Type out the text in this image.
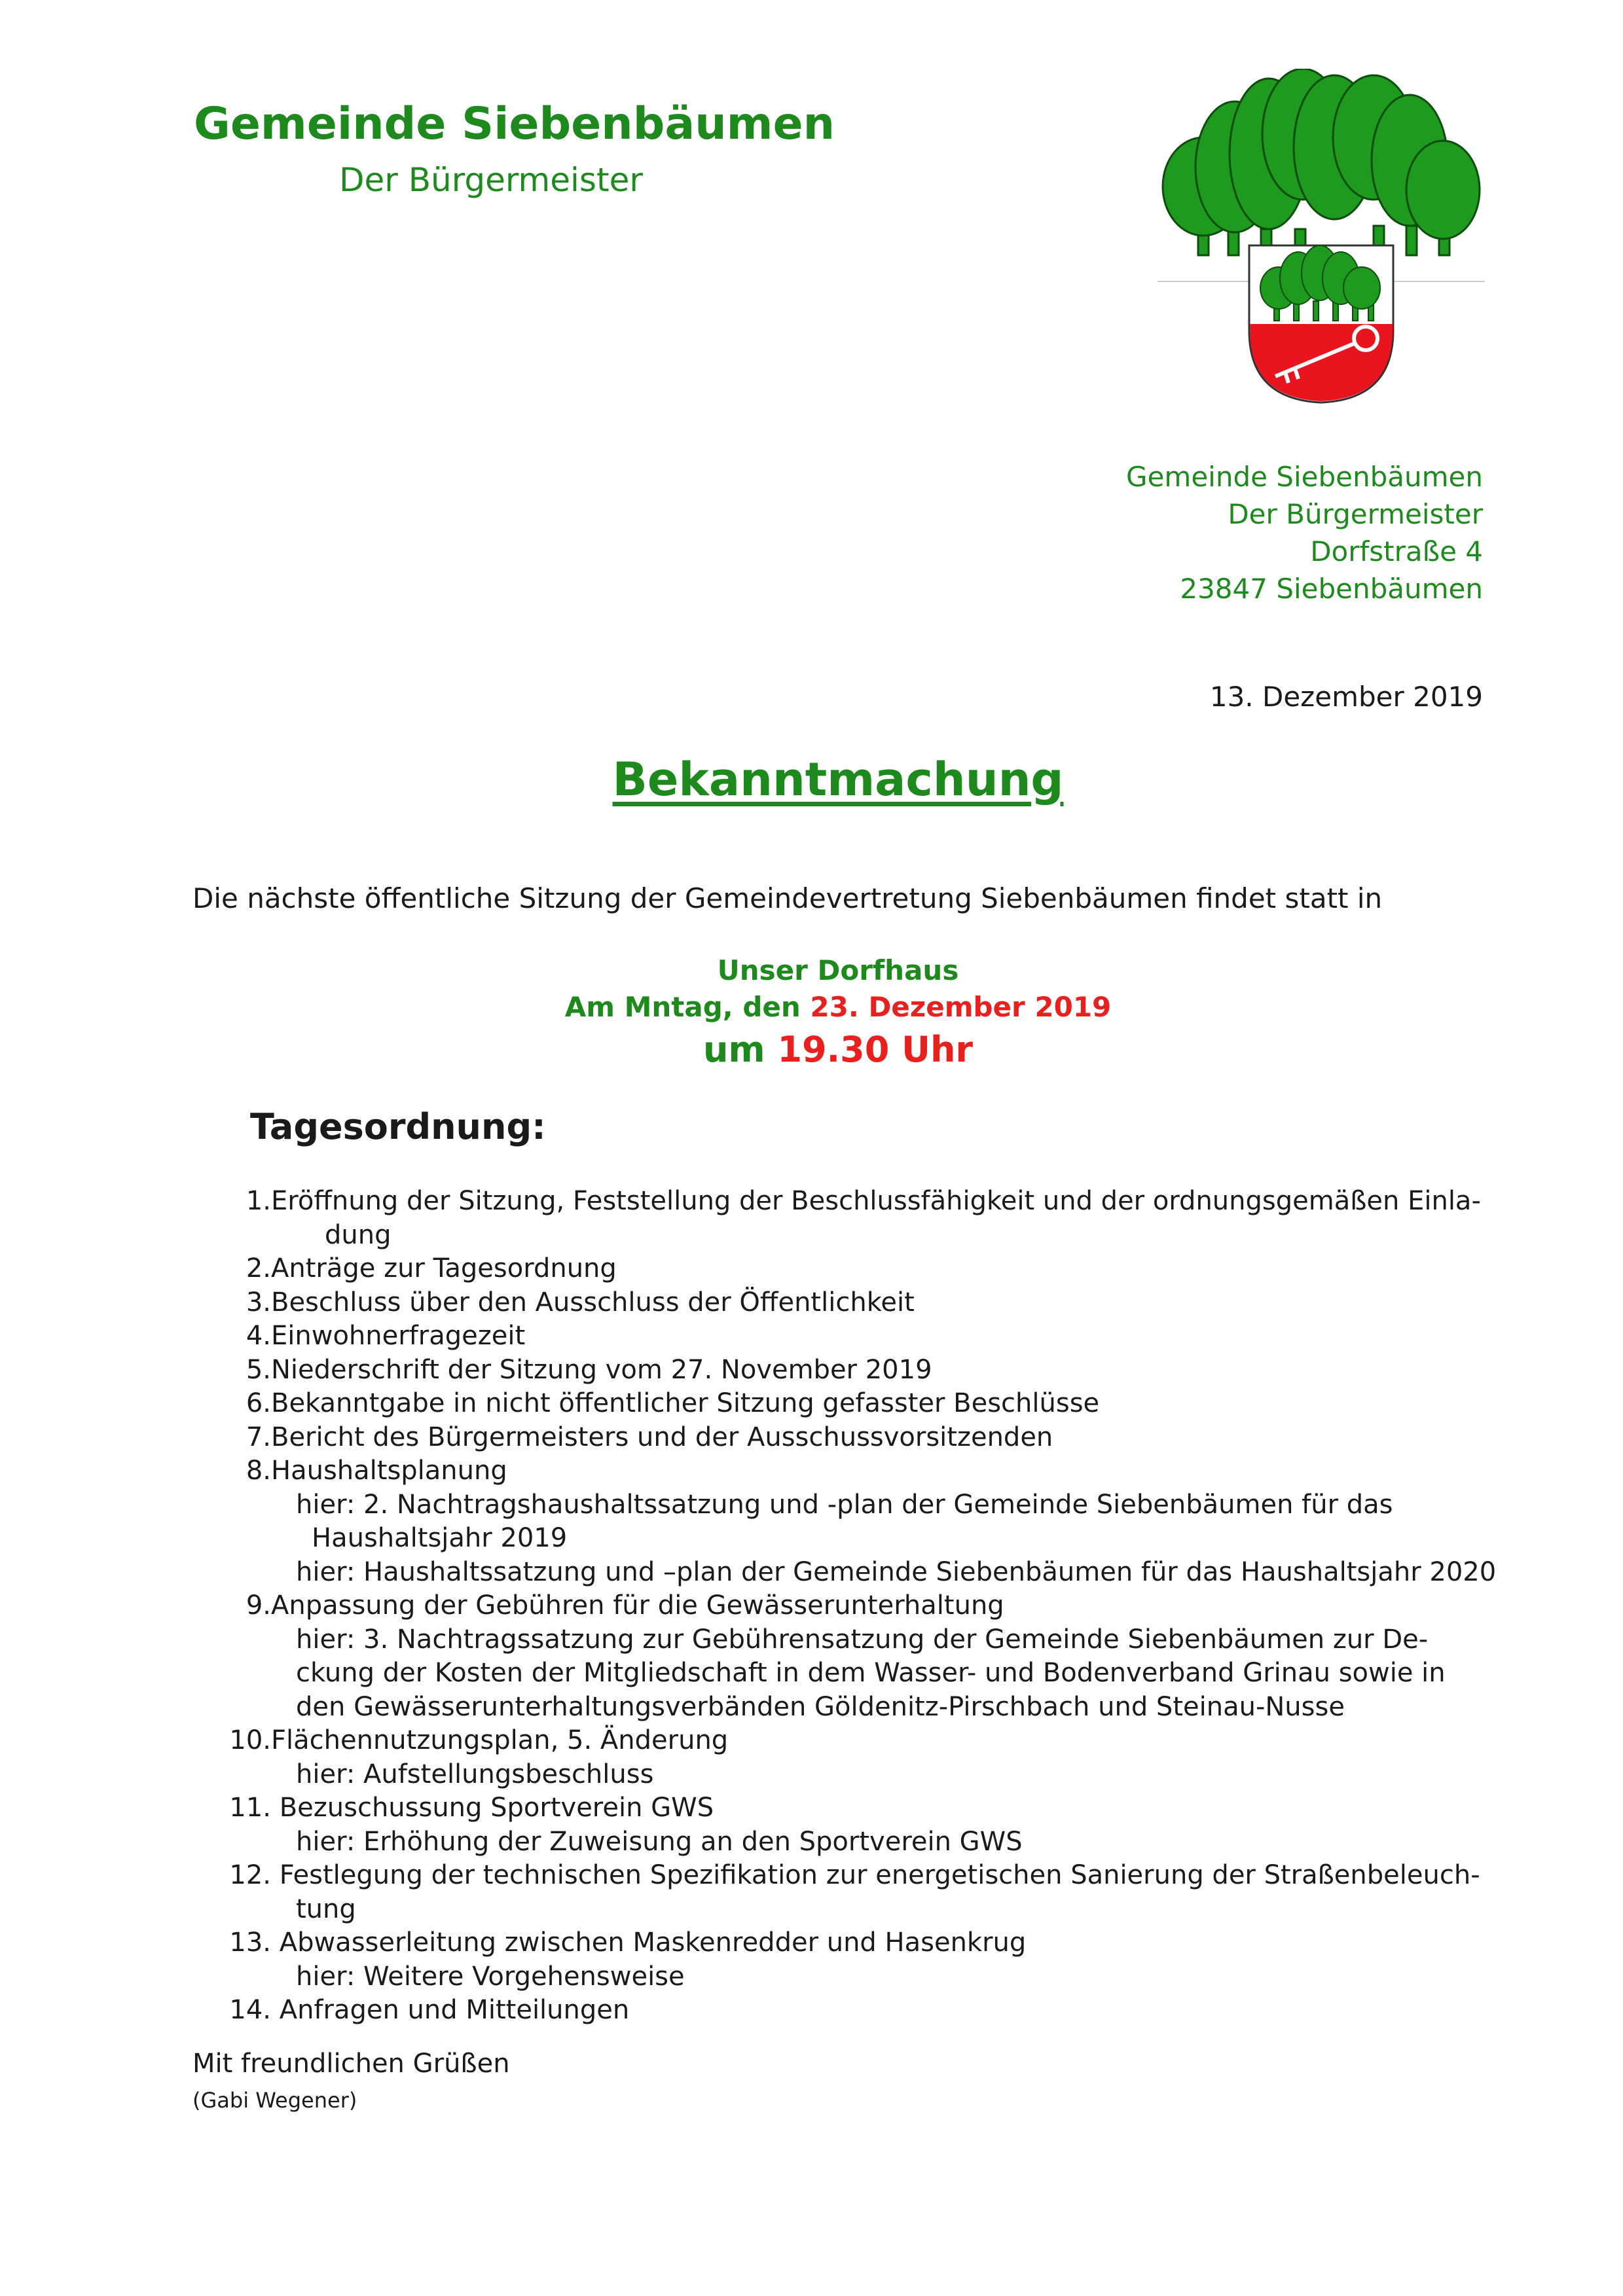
Gemeinde Siebenbäumen
Der Bürgermeister
Gemeinde Siebenbäumen
Der Bürgermeister
Dorfstraße 4
23847 Siebenbäumen
13. Dezember 2019
Bekanntmachung
Die nächste öffentliche Sitzung der Gemeindevertretung Siebenbäumen findet statt in
Unser Dorfhaus
Am Mntag, den 23. Dezember 2019
um 19.30 Uhr
Tagesordnung:
1.Eröffnung der Sitzung, Feststellung der Beschlussfähigkeit und der ordnungsgemäßen Einla-
dung
2.Anträge zur Tagesordnung
3.Beschluss über den Ausschluss der Öffentlichkeit
4.Einwohnerfragezeit
5.Niederschrift der Sitzung vom 27. November 2019
6.Bekanntgabe in nicht öffentlicher Sitzung gefasster Beschlüsse
7.Bericht des Bürgermeisters und der Ausschussvorsitzenden
8.Haushaltsplanung
hier: 2. Nachtragshaushaltssatzung und -plan der Gemeinde Siebenbäumen für das
Haushaltsjahr 2019
hier: Haushaltssatzung und –plan der Gemeinde Siebenbäumen für das Haushaltsjahr 2020
9.Anpassung der Gebühren für die Gewässerunterhaltung
hier: 3. Nachtragssatzung zur Gebührensatzung der Gemeinde Siebenbäumen zur De-
ckung der Kosten der Mitgliedschaft in dem Wasser- und Bodenverband Grinau sowie in
den Gewässerunterhaltungsverbänden Göldenitz-Pirschbach und Steinau-Nusse
10.Flächennutzungsplan, 5. Änderung
hier: Aufstellungsbeschluss
11. Bezuschussung Sportverein GWS
hier: Erhöhung der Zuweisung an den Sportverein GWS
12. Festlegung der technischen Spezifikation zur energetischen Sanierung der Straßenbeleuch-
tung
13. Abwasserleitung zwischen Maskenredder und Hasenkrug
hier: Weitere Vorgehensweise
14. Anfragen und Mitteilungen
Mit freundlichen Grüßen
(Gabi Wegener)
